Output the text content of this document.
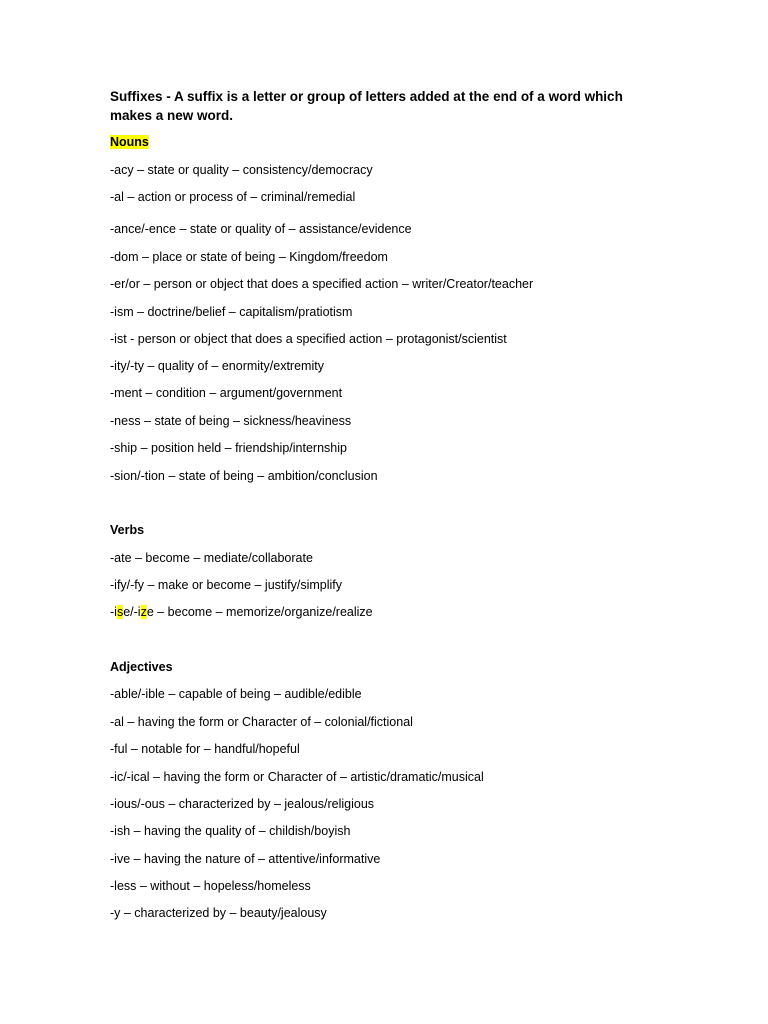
Suffixes - A suffix is a letter or group of letters added at the end of a word which makes a new word.
Nouns
-acy – state or quality – consistency/democracy
-al – action or process of – criminal/remedial
-ance/-ence – state or quality of – assistance/evidence
-dom – place or state of being – Kingdom/freedom
-er/or – person or object that does a specified action – writer/Creator/teacher
-ism – doctrine/belief – capitalism/pratiotism
-ist - person or object that does a specified action – protagonist/scientist
-ity/-ty – quality of – enormity/extremity
-ment – condition – argument/government
-ness – state of being – sickness/heaviness
-ship – position held – friendship/internship
-sion/-tion – state of being – ambition/conclusion
Verbs
-ate – become – mediate/collaborate
-ify/-fy – make or become – justify/simplify
-ise/-ize – become – memorize/organize/realize
Adjectives
-able/-ible – capable of being – audible/edible
-al – having the form or Character of – colonial/fictional
-ful – notable for – handful/hopeful
-ic/-ical – having the form or Character of – artistic/dramatic/musical
-ious/-ous – characterized by – jealous/religious
-ish – having the quality of – childish/boyish
-ive – having the nature of – attentive/informative
-less – without – hopeless/homeless
-y – characterized by – beauty/jealousy
